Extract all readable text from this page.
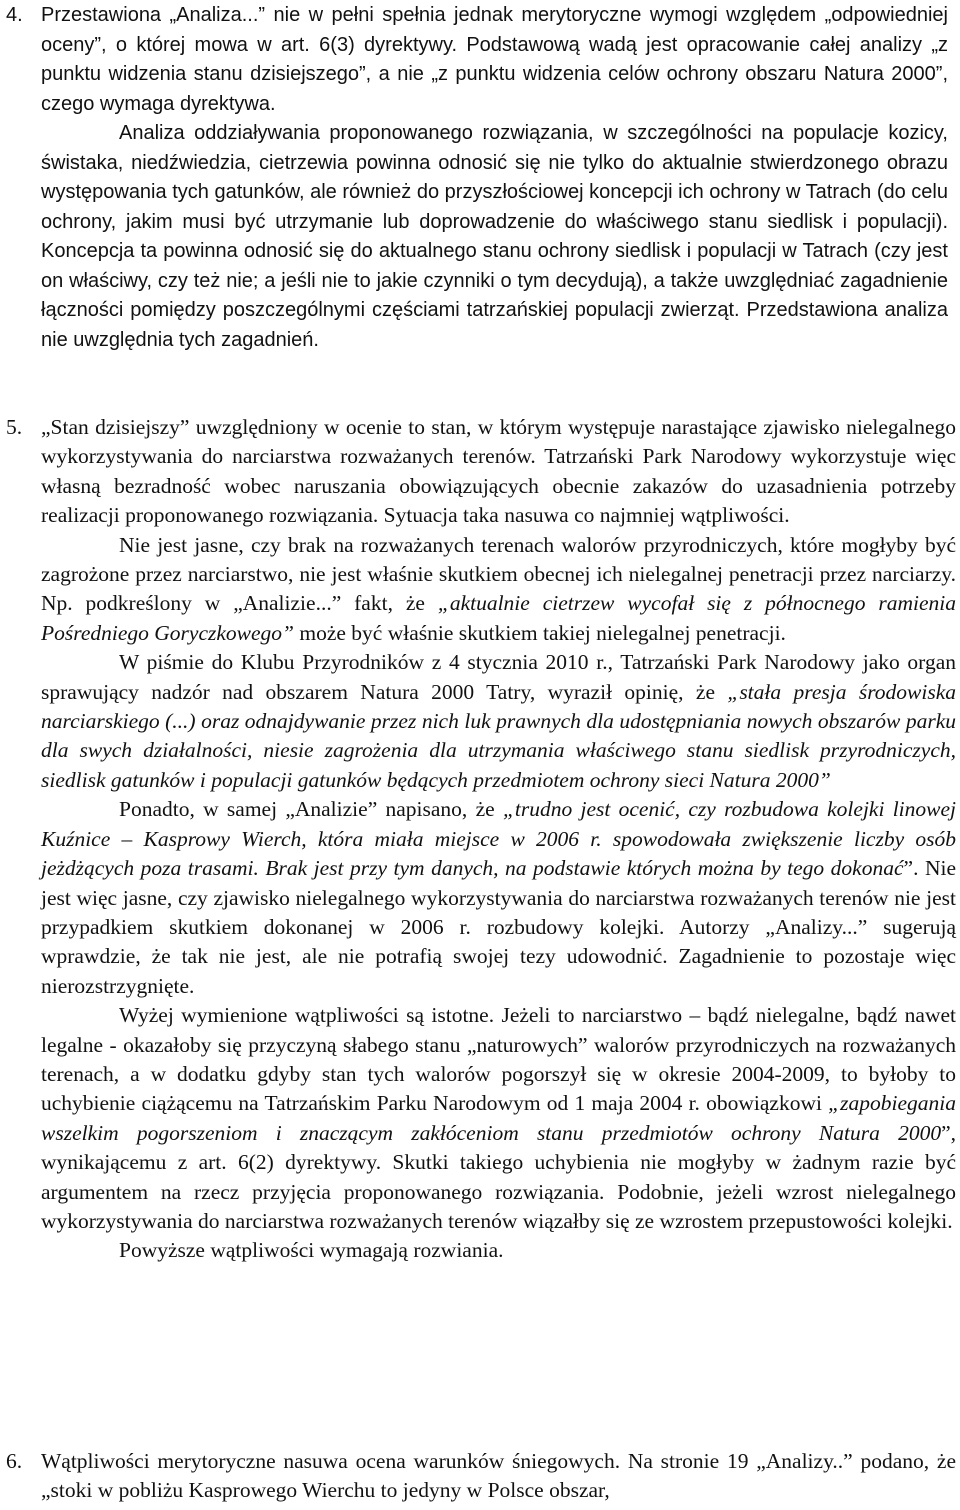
4. Przestawiona „Analiza...” nie w pełni spełnia jednak merytoryczne wymogi względem „odpowiedniej oceny”, o której mowa w art. 6(3) dyrektywy. Podstawową wadą jest opracowanie całej analizy „z punktu widzenia stanu dzisiejszego”, a nie „z punktu widzenia celów ochrony obszaru Natura 2000”, czego wymaga dyrektywa.

Analiza oddziaływania proponowanego rozwiązania, w szczególności na populacje kozicy, świstaka, niedźwiedzia, cietrzewia powinna odnosić się nie tylko do aktualnie stwierdzonego obrazu występowania tych gatunków, ale również do przyszłościowej koncepcji ich ochrony w Tatrach (do celu ochrony, jakim musi być utrzymanie lub doprowadzenie do właściwego stanu siedlisk i populacji). Koncepcja ta powinna odnosić się do aktualnego stanu ochrony siedlisk i populacji w Tatrach (czy jest on właściwy, czy też nie; a jeśli nie to jakie czynniki o tym decydują), a także uwzględniać zagadnienie łączności pomiędzy poszczególnymi częściami tatrzańskiej populacji zwierząt. Przedstawiona analiza nie uwzględnia tych zagadnień.

5. „Stan dzisiejszy” uwzględniony w ocenie to stan, w którym występuje narastające zjawisko nielegalnego wykorzystywania do narciarstwa rozważanych terenów. Tatrzański Park Narodowy wykorzystuje więc własną bezradność wobec naruszania obowiązujących obecnie zakazów do uzasadnienia potrzeby realizacji proponowanego rozwiązania. Sytuacja taka nasuwa co najmniej wątpliwości.

Nie jest jasne, czy brak na rozważanych terenach walorów przyrodniczych, które mogłyby być zagrożone przez narciarstwo, nie jest właśnie skutkiem obecnej ich nielegalnej penetracji przez narciarzy. Np. podkreślony w „Analizie...” fakt, że „aktualnie cietrzew wycofał się z północnego ramienia Pośredniego Goryczkowego” może być właśnie skutkiem takiej nielegalnej penetracji.

W piśmie do Klubu Przyrodników z 4 stycznia 2010 r., Tatrzański Park Narodowy jako organ sprawujący nadzór nad obszarem Natura 2000 Tatry, wyraził opinię, że „stała presja środowiska narciarskiego (...) oraz odnajdywanie przez nich luk prawnych dla udostępniania nowych obszarów parku dla swych działalności, niesie zagrożenia dla utrzymania właściwego stanu siedlisk przyrodniczych, siedlisk gatunków i populacji gatunków będących przedmiotem ochrony sieci Natura 2000”

Ponadto, w samej „Analizie” napisano, że „trudno jest ocenić, czy rozbudowa kolejki linowej Kuźnice – Kasprowy Wierch, która miała miejsce w 2006 r. spowodowała zwiększenie liczby osób jeżdżących poza trasami. Brak jest przy tym danych, na podstawie których można by tego dokonać”. Nie jest więc jasne, czy zjawisko nielegalnego wykorzystywania do narciarstwa rozważanych terenów nie jest przypadkiem skutkiem dokonanej w 2006 r. rozbudowy kolejki. Autorzy „Analizy...” sugerują wprawdzie, że tak nie jest, ale nie potrafią swojej tezy udowodnić. Zagadnienie to pozostaje więc nierozstrzygnięte.

Wyżej wymienione wątpliwości są istotne. Jeżeli to narciarstwo – bądź nielegalne, bądź nawet legalne - okazałoby się przyczyną słabego stanu „naturowych” walorów przyrodniczych na rozważanych terenach, a w dodatku gdyby stan tych walorów pogorszył się w okresie 2004-2009, to byłoby to uchybienie ciążącemu na Tatrzańskim Parku Narodowym od 1 maja 2004 r. obowiązkowi „zapobiegania wszelkim pogorszeniom i znaczącym zakłóceniom stanu przedmiotów ochrony Natura 2000”, wynikającemu z art. 6(2) dyrektywy. Skutki takiego uchybienia nie mogłyby w żadnym razie być argumentem na rzecz przyjęcia proponowanego rozwiązania. Podobnie, jeżeli wzrost nielegalnego wykorzystywania do narciarstwa rozważanych terenów wiązałby się ze wzrostem przepustowości kolejki.

Powyższe wątpliwości wymagają rozwiania.

6. Wątpliwości merytoryczne nasuwa ocena warunków śniegowych. Na stronie 19 „Analizy..” podano, że „stoki w pobliżu Kasprowego Wierchu to jedyny w Polsce obszar,
